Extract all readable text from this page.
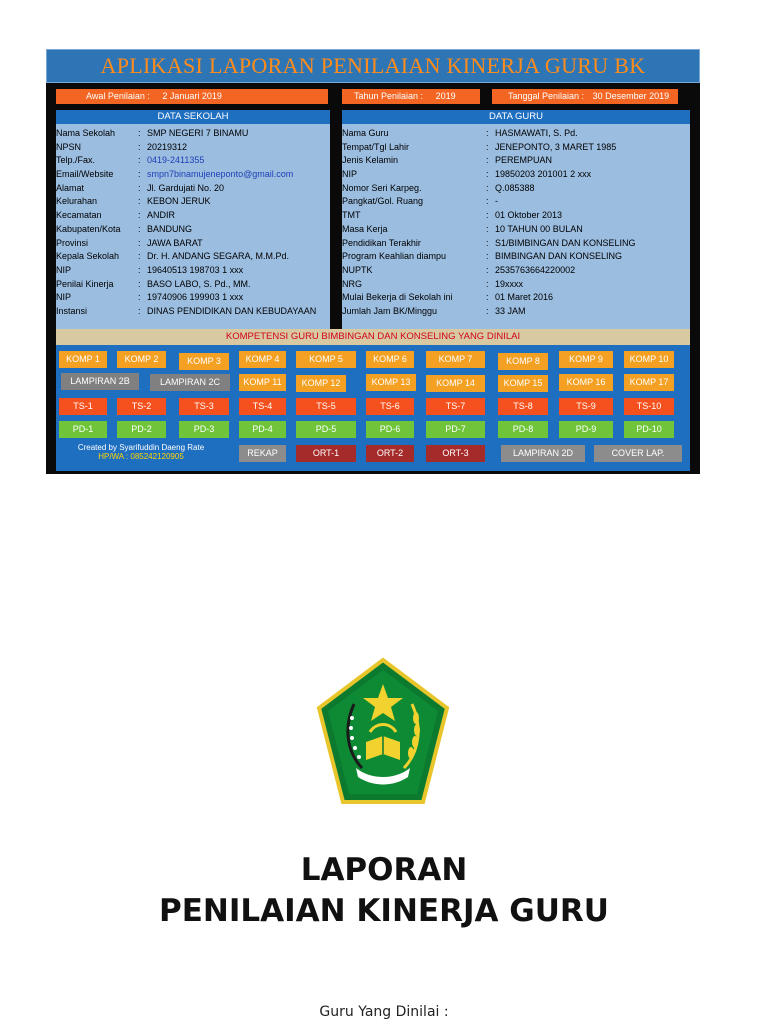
APLIKASI LAPORAN PENILAIAN KINERJA GURU BK
Awal Penilaian : 2 Januari 2019	Tahun Penilaian : 2019	Tanggal Penilaian : 30 Desember 2019
DATA SEKOLAH
Nama Sekolah	: SMP NEGERI 7 BINAMU
NPSN	: 20219312
Telp./Fax.	: 0419-2411355
Email/Website	: smpn7binamujeneponto@gmail.com
Alamat	: Jl. Gardujati No. 20
Kelurahan	: KEBON JERUK
Kecamatan	: ANDIR
Kabupaten/Kota : BANDUNG
Provinsi	: JAWA BARAT
Kepala Sekolah : Dr. H. ANDANG SEGARA, M.M.Pd.
NIP	: 19640513 198703 1 xxx
Penilai Kinerja	: BASO LABO, S. Pd., MM.
NIP	: 19740906 199903 1 xxx
Instansi	: DINAS PENDIDIKAN DAN KEBUDAYAAN
DATA GURU
Nama Guru	: HASMAWATI, S. Pd.
Tempat/Tgl Lahir	: JENEPONTO, 3 MARET 1985
Jenis Kelamin	: PEREMPUAN
NIP	: 19850203 201001 2 xxx
Nomor Seri Karpeg.	: Q.085388
Pangkat/Gol. Ruang	: -
TMT	: 01 Oktober 2013
Masa Kerja	: 10 TAHUN 00 BULAN
Pendidikan Terakhir	: S1/BIMBINGAN DAN KONSELING
Program Keahlian diampu	: BIMBINGAN DAN KONSELING
NUPTK	: 2535763664220002
NRG	: 19xxxx
Mulai Bekerja di Sekolah ini	: 01 Maret 2016
Jumlah Jam BK/Minggu	: 33 JAM
KOMPETENSI GURU BIMBINGAN DAN KONSELING YANG DINILAI
KOMP 1	KOMP 2	KOMP 3	KOMP 4	KOMP 5	KOMP 6	KOMP 7	KOMP 8	KOMP 9	KOMP 10
LAMPIRAN 2B	LAMPIRAN 2C	KOMP 11	KOMP 12	KOMP 13	KOMP 14	KOMP 15	KOMP 16	KOMP 17
TS-1	TS-2	TS-3	TS-4	TS-5	TS-6	TS-7	TS-8	TS-9	TS-10
PD-1	PD-2	PD-3	PD-4	PD-5	PD-6	PD-7	PD-8	PD-9	PD-10
REKAP	ORT-1	ORT-2	ORT-3	LAMPIRAN 2D	COVER LAP.
Created by Syarifuddin Daeng Rate
HP/WA : 085242120905
LAPORAN
PENILAIAN KINERJA GURU
Guru Yang Dinilai :
